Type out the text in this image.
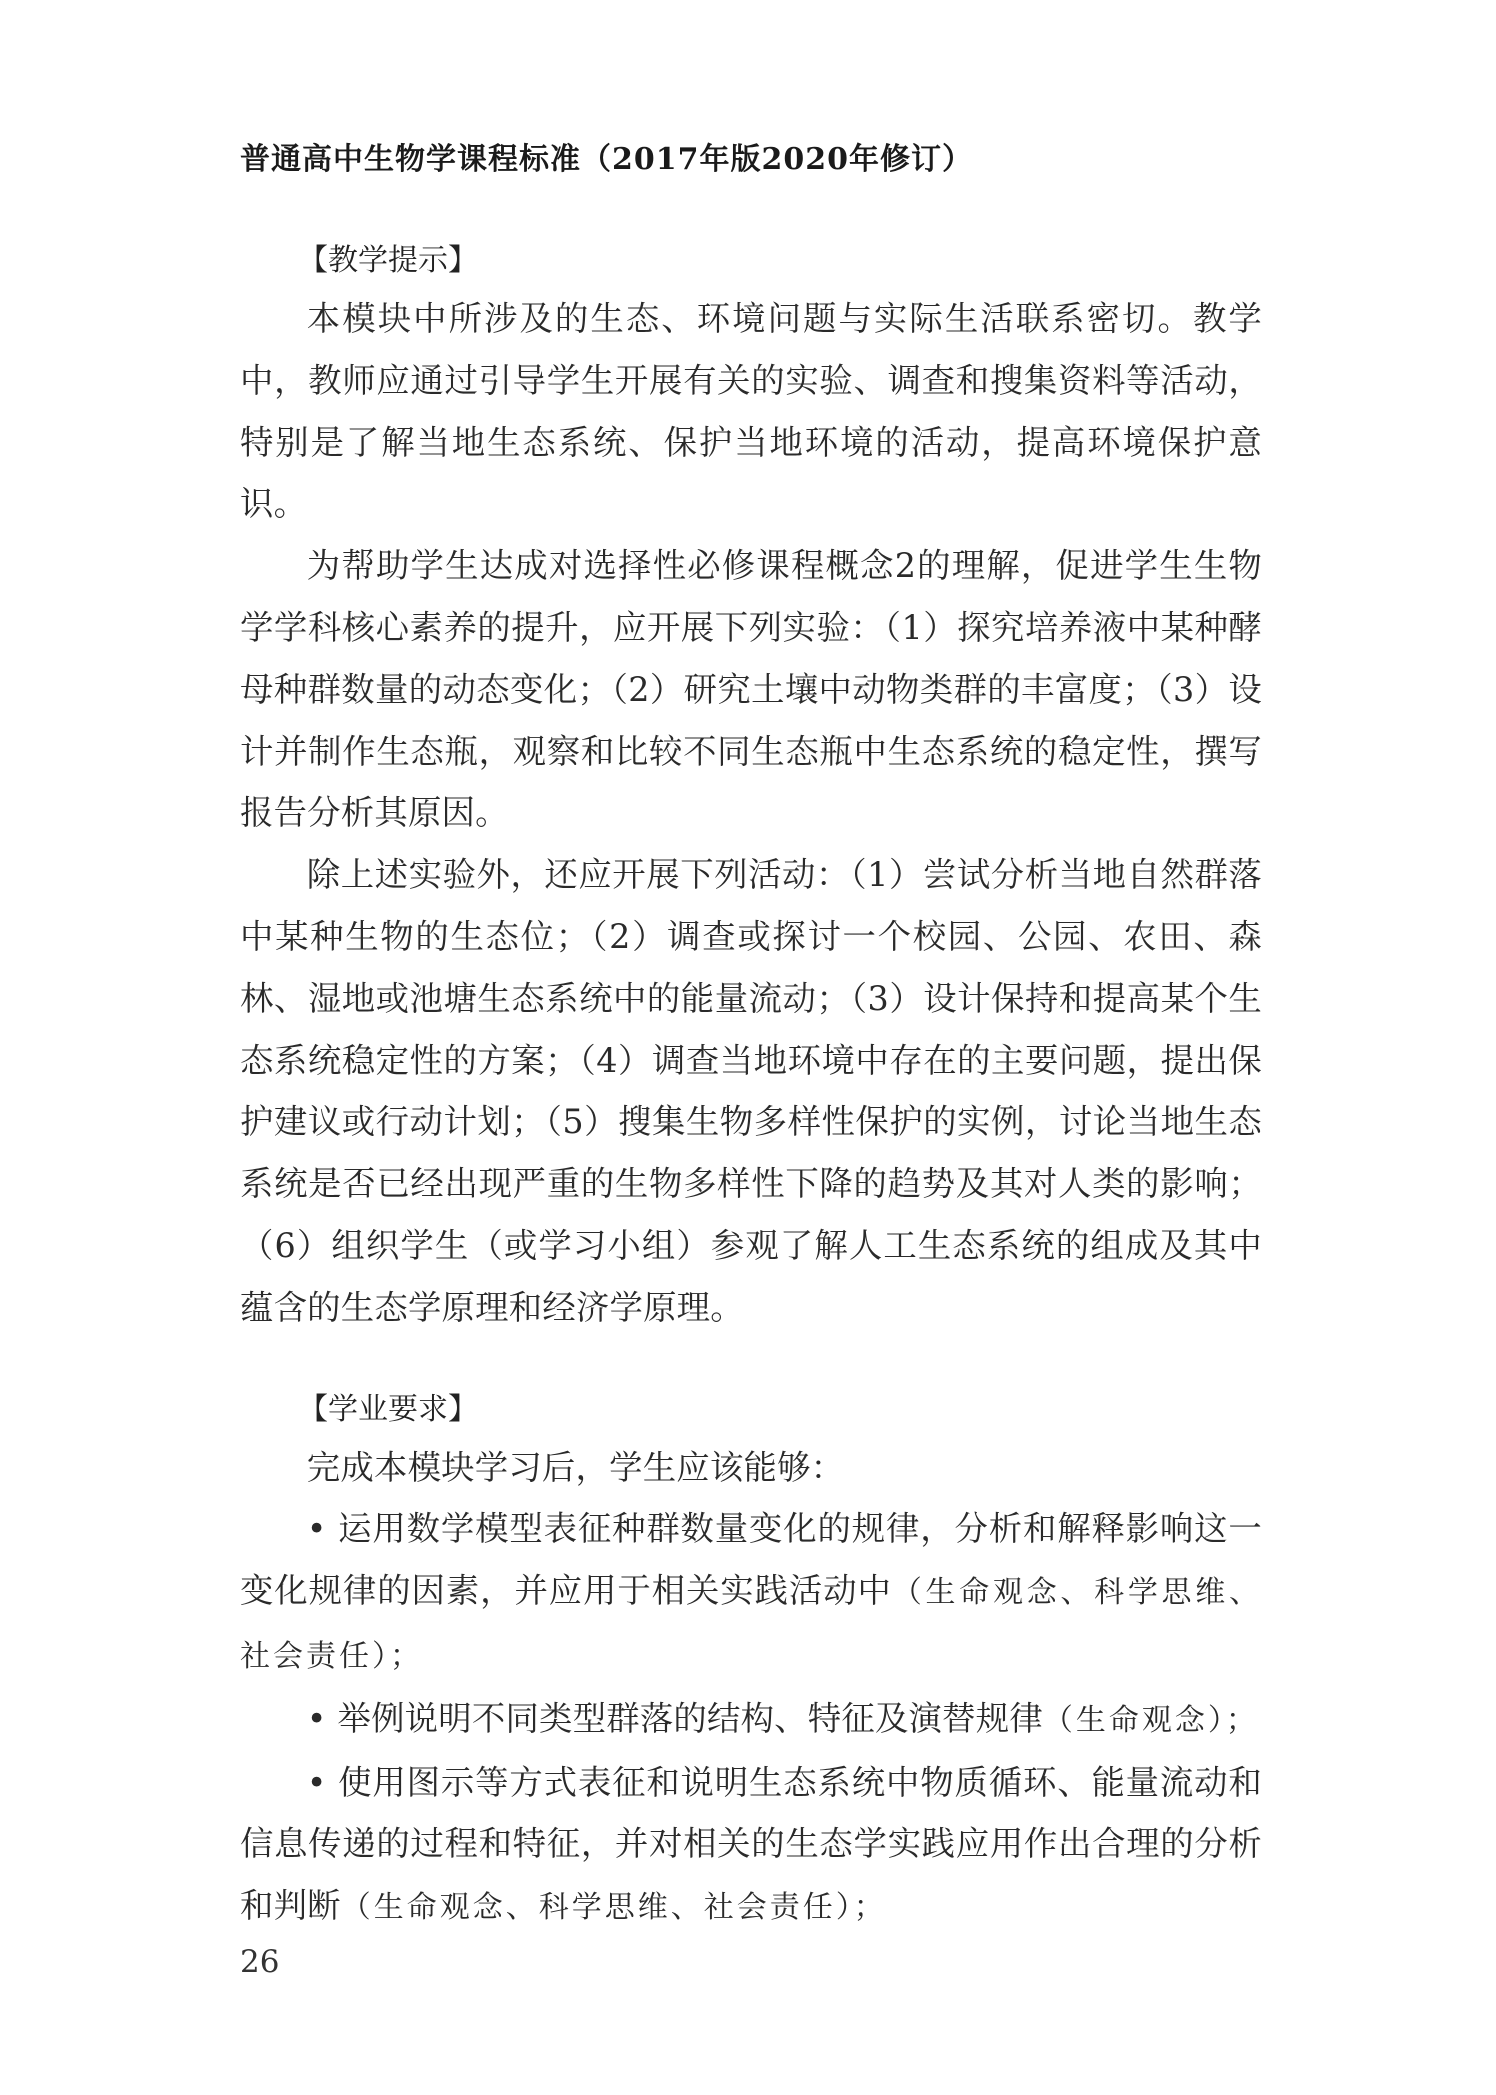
普通高中生物学课程标准（2017年版2020年修订）
【教学提示】

本模块中所涉及的生态、环境问题与实际生活联系密切。教学中，教师应通过引导学生开展有关的实验、调查和搜集资料等活动，特别是了解当地生态系统、保护当地环境的活动，提高环境保护意识。

为帮助学生达成对选择性必修课程概念2的理解，促进学生生物学学科核心素养的提升，应开展下列实验：（1）探究培养液中某种酵母种群数量的动态变化；（2）研究土壤中动物类群的丰富度；（3）设计并制作生态瓶，观察和比较不同生态瓶中生态系统的稳定性，撰写报告分析其原因。

除上述实验外，还应开展下列活动：（1）尝试分析当地自然群落中某种生物的生态位；（2）调查或探讨一个校园、公园、农田、森林、湿地或池塘生态系统中的能量流动；（3）设计保持和提高某个生态系统稳定性的方案；（4）调查当地环境中存在的主要问题，提出保护建议或行动计划；（5）搜集生物多样性保护的实例，讨论当地生态系统是否已经出现严重的生物多样性下降的趋势及其对人类的影响；（6）组织学生（或学习小组）参观了解人工生态系统的组成及其中蕴含的生态学原理和经济学原理。

【学业要求】

完成本模块学习后，学生应该能够：

• 运用数学模型表征种群数量变化的规律，分析和解释影响这一变化规律的因素，并应用于相关实践活动中（生命观念、科学思维、社会责任）；

• 举例说明不同类型群落的结构、特征及演替规律（生命观念）；

• 使用图示等方式表征和说明生态系统中物质循环、能量流动和信息传递的过程和特征，并对相关的生态学实践应用作出合理的分析和判断（生命观念、科学思维、社会责任）；

26
